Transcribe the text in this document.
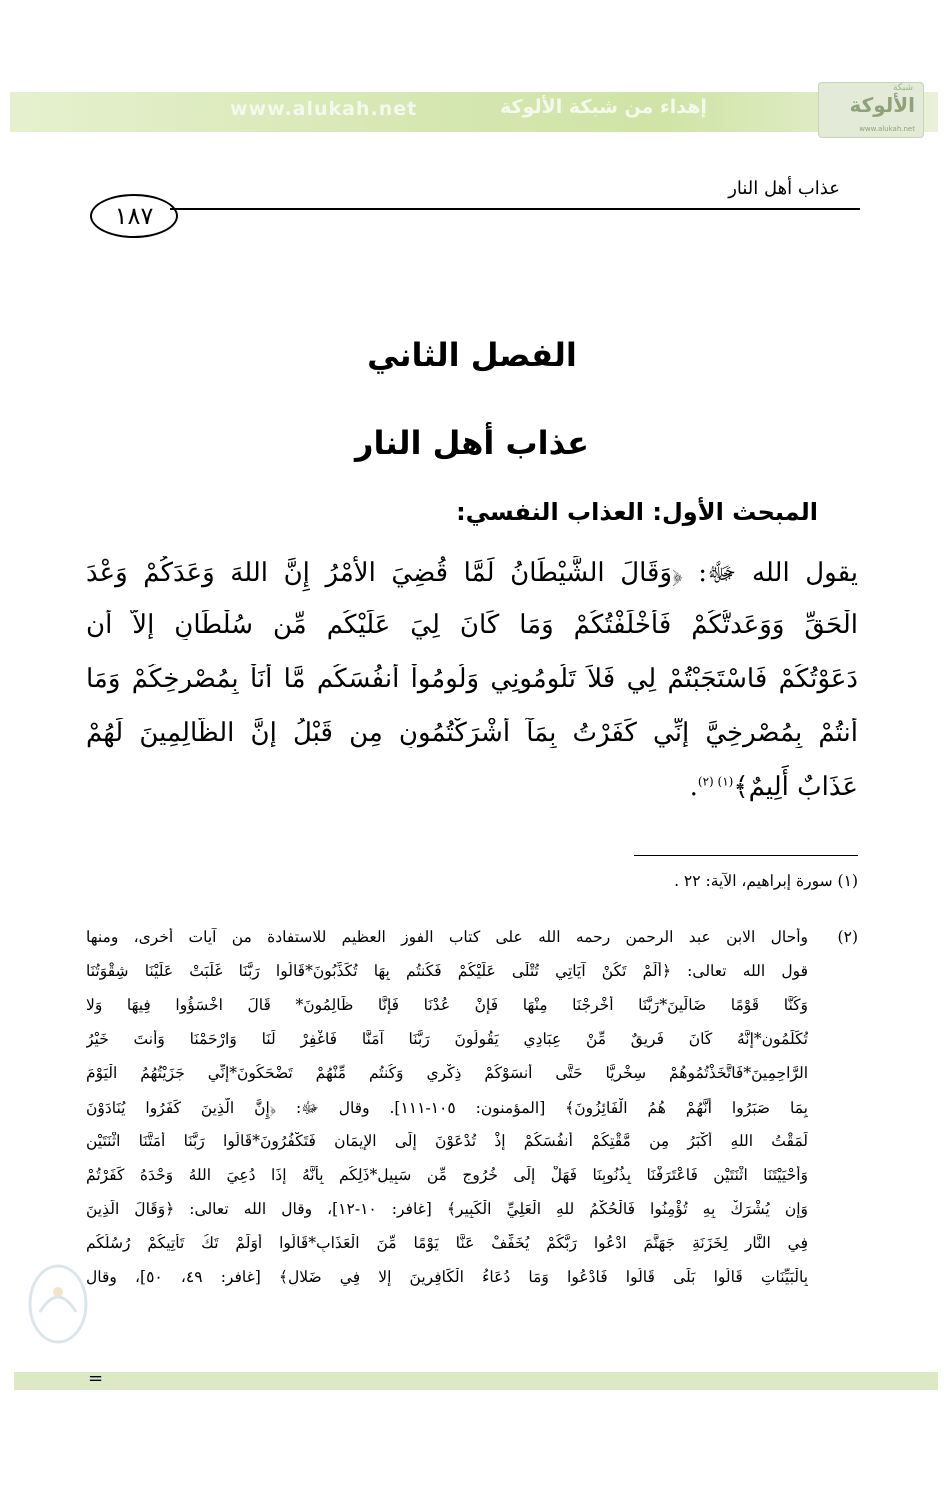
www.alukah.net	إهداء من شبكة الألوكة
شبكة
الألوكة
www.alukah.net
عذاب أهل النار
١٨٧
الفصل الثاني
عذاب أهل النار
المبحث الأول: العذاب النفسي:
يقول الله ﷻ: ﴿وَقَالَ الشَّيْطَانُ لَمَّا قُضِيَ الأَمْرُ إِنَّ اللهَ وَعَدَكُمْ وَعْدَ
الْحَقِّ وَوَعَدتُّكُمْ فَأَخْلَفْتُكُمْ وَمَا كَانَ لِيَ عَلَيْكُم مِّن سُلْطَانٍ إِلاَّ أَن
دَعَوْتُكُمْ فَاسْتَجَبْتُمْ لِي فَلاَ تَلُومُونِي وَلُومُواْ أَنفُسَكُم مَّا أَنَاْ بِمُصْرِخِكُمْ وَمَا
أَنتُمْ بِمُصْرِخِيَّ إِنِّي كَفَرْتُ بِمَآ أَشْرَكْتُمُونِ مِن قَبْلُ إِنَّ الظَّالِمِينَ لَهُمْ
عَذَابٌ أَلِيمٌ﴾$^{(١) (٢)}$.
(١) سورة إبراهيم، الآية: ٢٢ .
(٢)
وأحال الابن عبد الرحمن رحمه الله على كتاب الفوز العظيم للاستفادة من آيات أخرى، ومنها
قول الله تعالى: ﴿أَلَمْ تَكُنْ آيَاتِي تُتْلَى عَلَيْكُمْ فَكُنتُم بِهَا تُكَذِّبُونَ*قَالُوا رَبَّنَا غَلَبَتْ عَلَيْنَا شِقْوَتُنَا
وَكُنَّا قَوْمًا ضَالِّينَ*رَبَّنَا أَخْرِجْنَا مِنْهَا فَإِنْ عُدْنَا فَإِنَّا ظَالِمُونَ* قَالَ اخْسَؤُوا فِيهَا وَلا
تُكَلِّمُونِ*إِنَّهُ كَانَ فَرِيقٌ مِّنْ عِبَادِي يَقُولُونَ رَبَّنَا آمَنَّا فَاغْفِرْ لَنَا وَارْحَمْنَا وَأَنتَ خَيْرُ
الرَّاحِمِينَ*فَاتَّخَذْتُمُوهُمْ سِخْرِيًّا حَتَّى أَنسَوْكُمْ ذِكْرِي وَكُنتُم مِّنْهُمْ تَضْحَكُونَ*إِنِّي جَزَيْتُهُمُ الْيَوْمَ
بِمَا صَبَرُوا أَنَّهُمْ هُمُ الْفَائِزُونَ﴾ [المؤمنون: ١٠٥-١١١]. وقال ﷻ: ﴿إِنَّ الَّذِينَ كَفَرُوا يُنَادَوْنَ
لَمَقْتُ اللهِ أَكْبَرُ مِن مَّقْتِكُمْ أَنفُسَكُمْ إِذْ تُدْعَوْنَ إِلَى الإِيمَانِ فَتَكْفُرُونَ*قَالُوا رَبَّنَا أَمَتَّنَا اثْنَتَيْنِ
وَأَحْيَيْتَنَا اثْنَتَيْنِ فَاعْتَرَفْنَا بِذُنُوبِنَا فَهَلْ إِلَى خُرُوجٍ مِّن سَبِيلٍ*ذَلِكُم بِأَنَّهُ إِذَا دُعِيَ اللهُ وَحْدَهُ كَفَرْتُمْ
وَإِن يُشْرَكْ بِهِ تُؤْمِنُوا فَالْحُكْمُ للهِ الْعَلِيِّ الْكَبِيرِ﴾ [غافر: ١٠-١٢]، وقال الله تعالى: ﴿وَقَالَ الَّذِينَ
فِي النَّارِ لِخَزَنَةِ جَهَنَّمَ ادْعُوا رَبَّكُمْ يُخَفِّفْ عَنَّا يَوْمًا مِّنَ الْعَذَابِ*قَالُوا أَوَلَمْ تَكُ تَأْتِيكُمْ رُسُلُكُم
بِالْبَيِّنَاتِ قَالُوا بَلَى قَالُوا فَادْعُوا وَمَا دُعَاءُ الْكَافِرِينَ إِلا فِي ضَلالٍ﴾ [غافر: ٤٩، ٥٠]، وقال
=
